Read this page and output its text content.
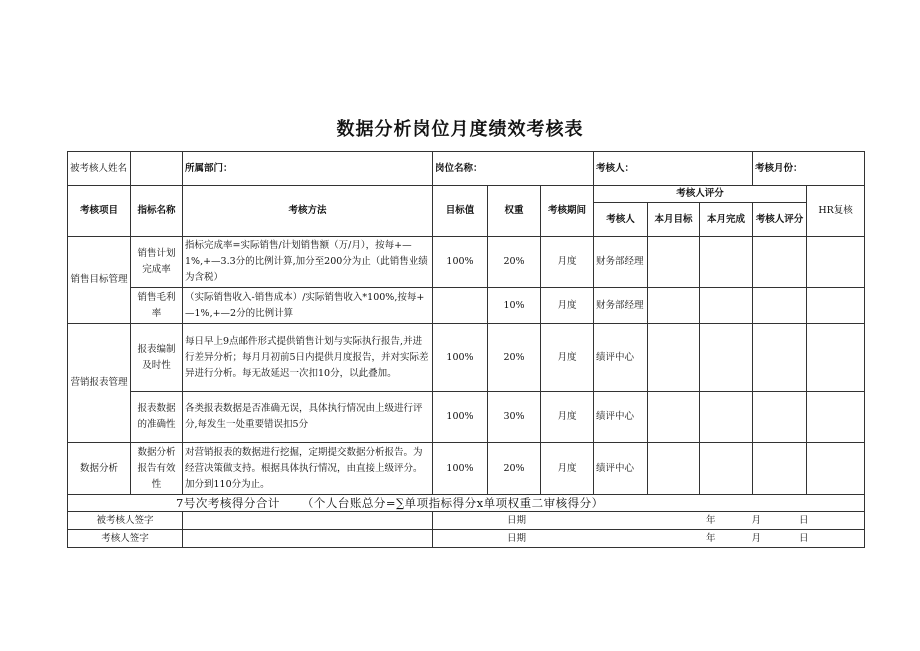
数据分析岗位月度绩效考核表
被考核人姓名		所属部门：	岗位名称：			考核人：			考核月份：	
考核项目	指标名称	考核方法	目标值	权重	考核期间	考核人评分				HR复核
						考核人	本月目标	本月完成	考核人评分	
销售目标管理	销售计划完成率	指标完成率=实际销售/计划销售额（万/月），按每+—1%,+—3.3分的比例计算,加分至200分为止（此销售业绩为含税）	100%	20%	月度	财务部经理				
	销售毛利率	（实际销售收入-销售成本）/实际销售收入*100%,按每+—1%,+—2分的比例计算		10%	月度	财务部经理				
营销报表管理	报表编制及时性	每日早上9点邮件形式提供销售计划与实际执行报告,并进行差异分析；每月月初前5日内提供月度报告，并对实际差异进行分析。每无故延迟一次扣10分，以此叠加。	100%	20%	月度	绩评中心				
	报表数据的准确性	各类报表数据是否准确无误，具体执行情况由上级进行评分,每发生一处重要错误扣5分	100%	30%	月度	绩评中心				
数据分析	数据分析报告有效性	对营销报表的数据进行挖掘，定期提交数据分析报告。为经营决策做支持。根据具体执行情况，由直接上级评分。加分到110分为止。	100%	20%	月度	绩评中心				
7号次考核得分合计 （个人台账总分=∑单项指标得分x单项权重二审核得分）										
被考核人签字			日期 年 月 日							
考核人签字			日期 年 月 日							
